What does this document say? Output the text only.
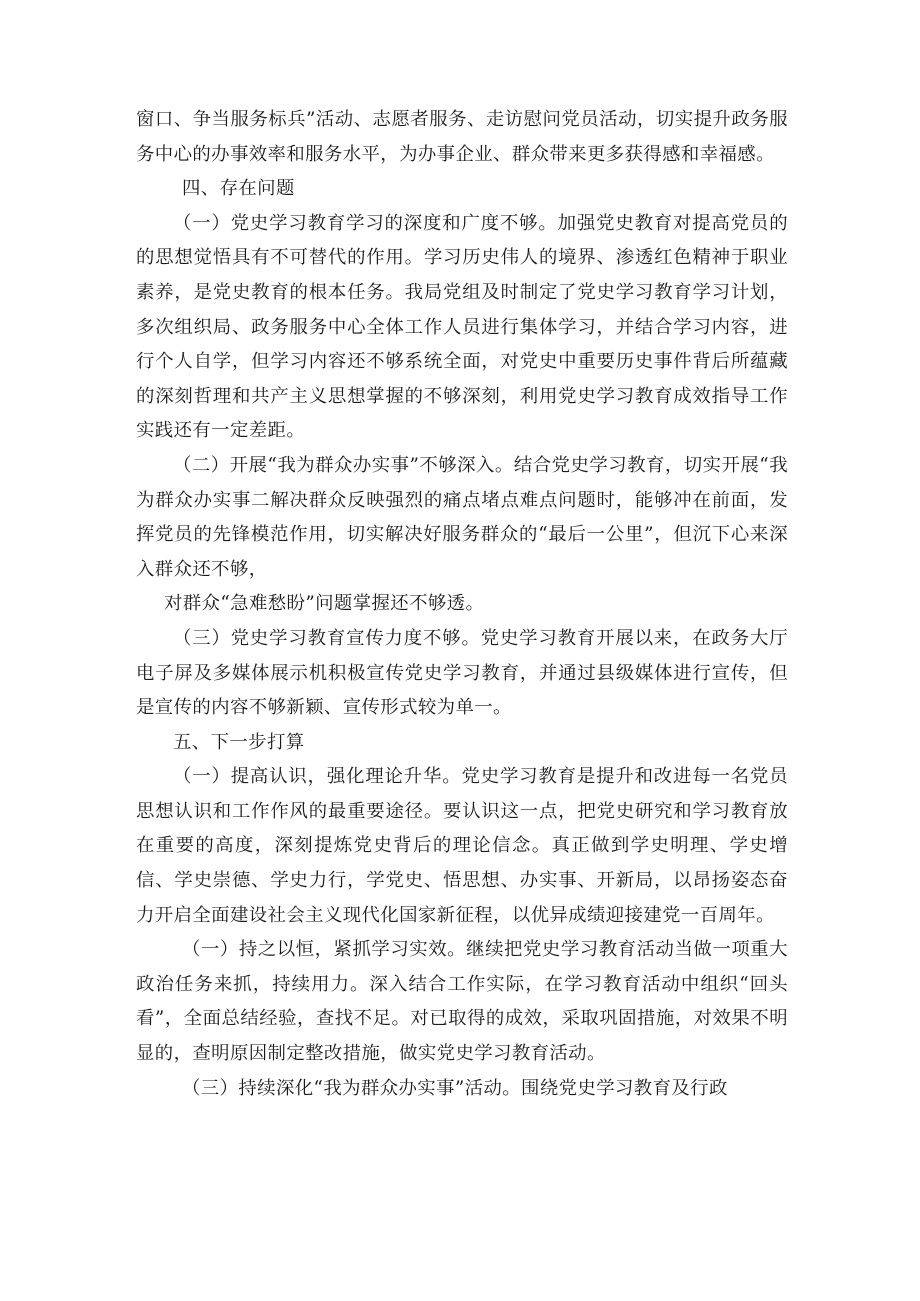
窗口、争当服务标兵”活动、志愿者服务、走访慰问党员活动，切实提升政务服务中心的办事效率和服务水平，为办事企业、群众带来更多获得感和幸福感。

四、存在问题

（一）党史学习教育学习的深度和广度不够。加强党史教育对提高党员的的思想觉悟具有不可替代的作用。学习历史伟人的境界、渗透红色精神于职业素养，是党史教育的根本任务。我局党组及时制定了党史学习教育学习计划，多次组织局、政务服务中心全体工作人员进行集体学习，并结合学习内容，进行个人自学，但学习内容还不够系统全面，对党史中重要历史事件背后所蕴藏的深刻哲理和共产主义思想掌握的不够深刻，利用党史学习教育成效指导工作实践还有一定差距。

（二）开展“我为群众办实事”不够深入。结合党史学习教育，切实开展“我为群众办实事二解决群众反映强烈的痛点堵点难点问题时，能够冲在前面，发挥党员的先锋模范作用，切实解决好服务群众的“最后一公里”，但沉下心来深入群众还不够，

对群众“急难愁盼”问题掌握还不够透。

（三）党史学习教育宣传力度不够。党史学习教育开展以来，在政务大厅电子屏及多媒体展示机积极宣传党史学习教育，并通过县级媒体进行宣传，但是宣传的内容不够新颖、宣传形式较为单一。

五、下一步打算

（一）提高认识，强化理论升华。党史学习教育是提升和改进每一名党员思想认识和工作作风的最重要途径。要认识这一点，把党史研究和学习教育放在重要的高度，深刻提炼党史背后的理论信念。真正做到学史明理、学史增信、学史崇德、学史力行，学党史、悟思想、办实事、开新局，以昂扬姿态奋力开启全面建设社会主义现代化国家新征程，以优异成绩迎接建党一百周年。

（一）持之以恒，紧抓学习实效。继续把党史学习教育活动当做一项重大政治任务来抓，持续用力。深入结合工作实际，在学习教育活动中组织“回头看”，全面总结经验，查找不足。对已取得的成效，采取巩固措施，对效果不明显的，查明原因制定整改措施，做实党史学习教育活动。

（三）持续深化“我为群众办实事”活动。围绕党史学习教育及行政
